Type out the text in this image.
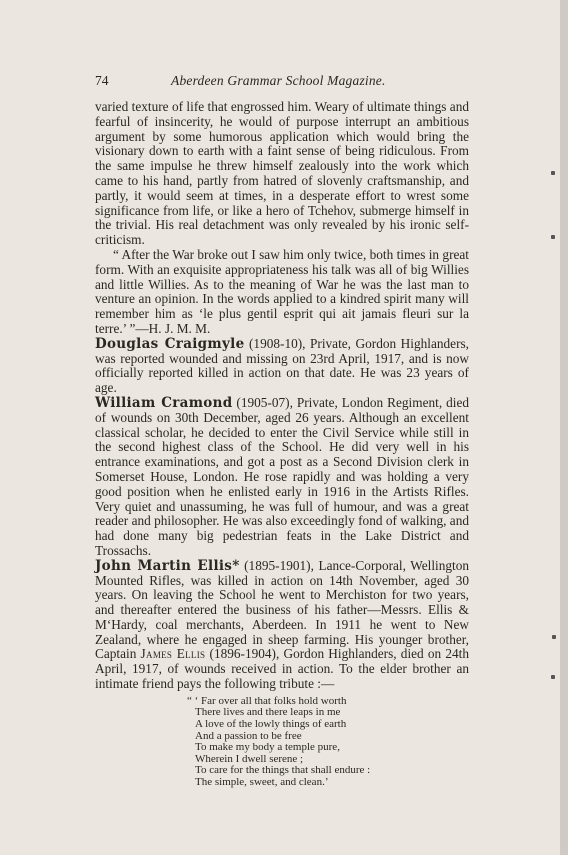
74	Aberdeen Grammar School Magazine.

varied texture of life that engrossed him. Weary of ultimate things and fearful of insincerity, he would of purpose interrupt an ambitious argument by some humorous application which would bring the visionary down to earth with a faint sense of being ridiculous. From the same impulse he threw himself zealously into the work which came to his hand, partly from hatred of slovenly craftsmanship, and partly, it would seem at times, in a desperate effort to wrest some significance from life, or like a hero of Tchehov, submerge himself in the trivial. His real detachment was only revealed by his ironic self-criticism.

“ After the War broke out I saw him only twice, both times in great form. With an exquisite appropriateness his talk was all of big Willies and little Willies. As to the meaning of War he was the last man to venture an opinion. In the words applied to a kindred spirit many will remember him as ‘le plus gentil esprit qui ait jamais fleuri sur la terre.’ ”—H. J. M. M.

Douglas Craigmyle (1908-10), Private, Gordon Highlanders, was reported wounded and missing on 23rd April, 1917, and is now officially reported killed in action on that date. He was 23 years of age.

William Cramond (1905-07), Private, London Regiment, died of wounds on 30th December, aged 26 years. Although an excellent classical scholar, he decided to enter the Civil Service while still in the second highest class of the School. He did very well in his entrance examinations, and got a post as a Second Division clerk in Somerset House, London. He rose rapidly and was holding a very good position when he enlisted early in 1916 in the Artists Rifles. Very quiet and unassuming, he was full of humour, and was a great reader and philosopher. He was also exceedingly fond of walking, and had done many big pedestrian feats in the Lake District and Trossachs.

John Martin Ellis* (1895-1901), Lance-Corporal, Wellington Mounted Rifles, was killed in action on 14th November, aged 30 years. On leaving the School he went to Merchiston for two years, and thereafter entered the business of his father—Messrs. Ellis & M‘Hardy, coal merchants, Aberdeen. In 1911 he went to New Zealand, where he engaged in sheep farming. His younger brother, Captain James Ellis (1896-1904), Gordon Highlanders, died on 24th April, 1917, of wounds received in action. To the elder brother an intimate friend pays the following tribute :—

“ ‘ Far over all that folks hold worth
There lives and there leaps in me
A love of the lowly things of earth
And a passion to be free
To make my body a temple pure,
Wherein I dwell serene ;
To care for the things that shall endure :
The simple, sweet, and clean.’
